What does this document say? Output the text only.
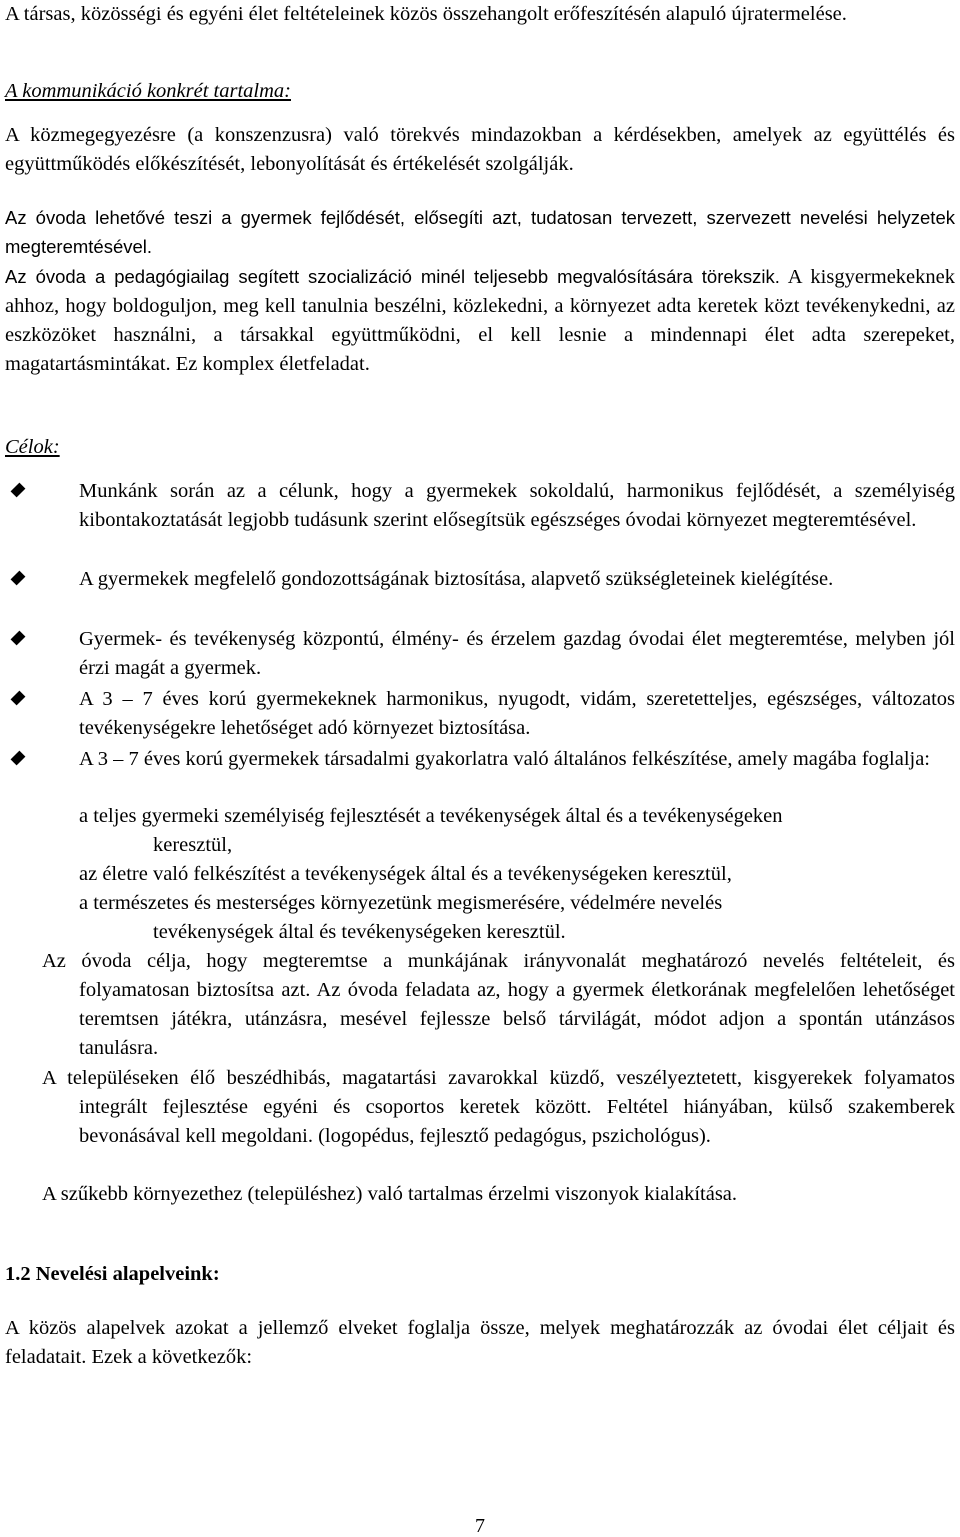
A társas, közösségi és egyéni élet feltételeinek közös összehangolt erőfeszítésén alapuló újratermelése.
A kommunikáció konkrét tartalma:
A közmegegyezésre (a konszenzusra) való törekvés mindazokban a kérdésekben, amelyek az együttélés és együttműködés előkészítését, lebonyolítását és értékelését szolgálják.
Az óvoda lehetővé teszi a gyermek fejlődését, elősegíti azt, tudatosan tervezett, szervezett nevelési helyzetek megteremtésével.
Az óvoda a pedagógiailag segített szocializáció minél teljesebb megvalósítására törekszik. A kisgyermekeknek ahhoz, hogy boldoguljon, meg kell tanulnia beszélni, közlekedni, a környezet adta keretek közt tevékenykedni, az eszközöket használni, a társakkal együttműködni, el kell lesnie a mindennapi élet adta szerepeket, magatartásmintákat. Ez komplex életfeladat.
Célok:
Munkánk során az a célunk, hogy a gyermekek sokoldalú, harmonikus fejlődését, a személyiség kibontakoztatását legjobb tudásunk szerint elősegítsük egészséges óvodai környezet megteremtésével.
A gyermekek megfelelő gondozottságának biztosítása, alapvető szükségleteinek kielégítése.
Gyermek- és tevékenység központú, élmény- és érzelem gazdag óvodai élet megteremtése, melyben jól érzi magát a gyermek.
A 3 – 7 éves korú gyermekeknek harmonikus, nyugodt, vidám, szeretetteljes, egészséges, változatos tevékenységekre lehetőséget adó környezet biztosítása.
A 3 – 7 éves korú gyermekek társadalmi gyakorlatra való általános felkészítése, amely magába foglalja:
a teljes gyermeki személyiség fejlesztését a tevékenységek által és a tevékenységeken
keresztül,
az életre való felkészítést a tevékenységek által és a tevékenységeken keresztül,
a természetes és mesterséges környezetünk megismerésére, védelmére nevelés
tevékenységek által és tevékenységeken keresztül.
Az óvoda célja, hogy megteremtse a munkájának irányvonalát meghatározó nevelés feltételeit, és folyamatosan biztosítsa azt. Az óvoda feladata az, hogy a gyermek életkorának megfelelően lehetőséget teremtsen játékra, utánzásra, mesével fejlessze belső tárvilágát, módot adjon a spontán utánzásos tanulásra.
A településeken élő beszédhibás, magatartási zavarokkal küzdő, veszélyeztetett, kisgyerekek folyamatos integrált fejlesztése egyéni és csoportos keretek között. Feltétel hiányában, külső szakemberek bevonásával kell megoldani. (logopédus, fejlesztő pedagógus, pszichológus).
A szűkebb környezethez (településhez) való tartalmas érzelmi viszonyok kialakítása.
1.2 Nevelési alapelveink:
A közös alapelvek azokat a jellemző elveket foglalja össze, melyek meghatározzák az óvodai élet céljait és feladatait. Ezek a következők:
7
